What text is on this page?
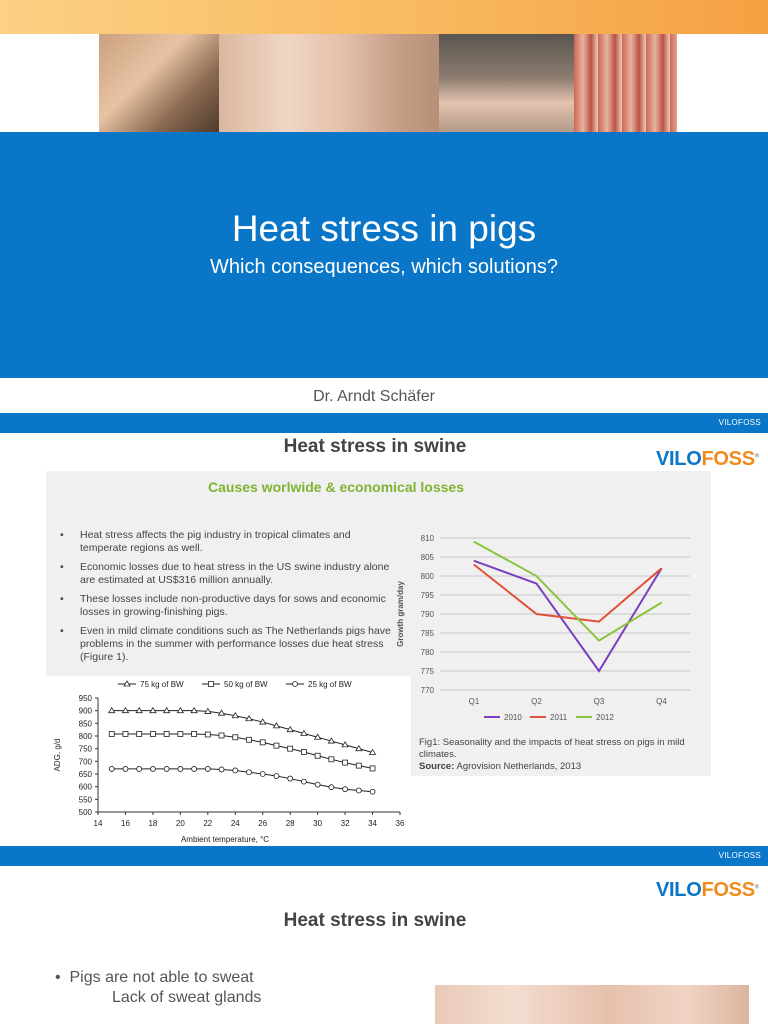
Heat stress in pigs
Which consequences, which solutions?
Dr. Arndt Schäfer
VILOFOSS
Heat stress in swine
VILOFOSS®
Causes worlwide & economical losses
• Heat stress affects the pig industry in tropical climates and temperate regions as well.
• Economic losses due to heat stress in the US swine industry alone are estimated at US$316 million annually.
• These losses include non-productive days for sows and economic losses in growing-finishing pigs.
• Even in mild climate conditions such as The Netherlands pigs have problems in the summer with performance losses due heat stress (Figure 1).
Fig1: Seasonality and the impacts of heat stress on pigs in mild climates.
Source: Agrovision Netherlands, 2013
770
775
780
785
790
795
800
805
810
Q1	Q2	Q3	Q4
Growth gram/day
2010	2011	2012
500
550
600
650
700
750
800
850
900
950
14 16 18 20 22 24 26 28 30 32 34 36
Ambient temperature, °C
ADG, g/d
75 kg of BW	50 kg of BW	25 kg of BW
VILOFOSS
VILOFOSS®
Heat stress in swine
•  Pigs are not able to sweat
Lack of sweat glands
